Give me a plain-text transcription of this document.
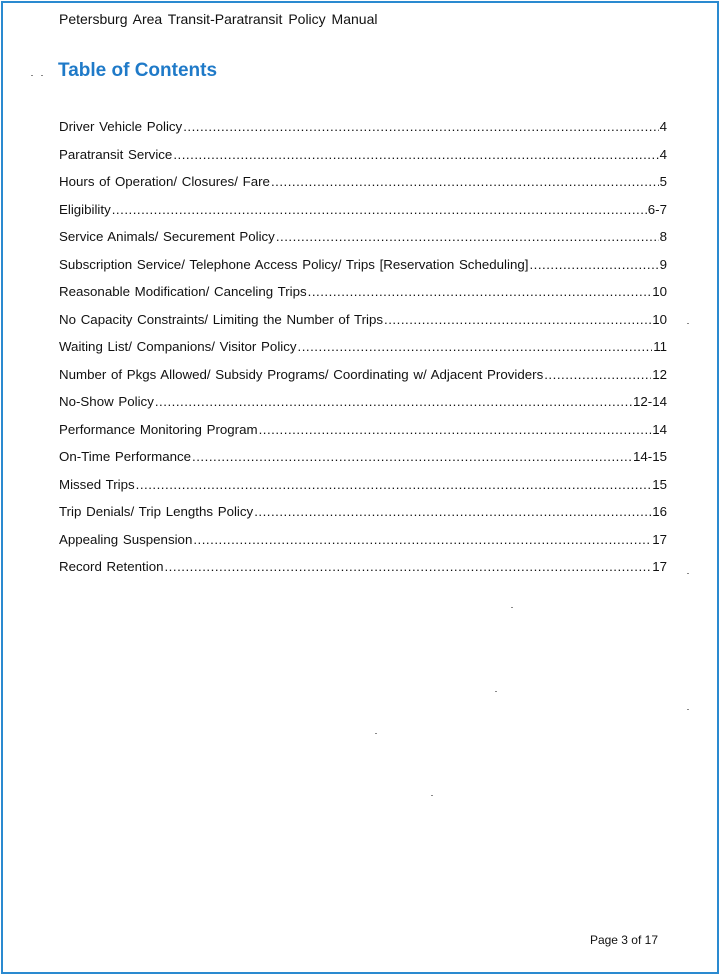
Petersburg Area Transit-Paratransit Policy Manual
Table of Contents
Driver Vehicle Policy .....	4
Paratransit Service .....	4
Hours of Operation/ Closures/ Fare .....	5
Eligibility .....	6-7
Service Animals/ Securement Policy .....	8
Subscription Service/ Telephone Access Policy/ Trips [Reservation Scheduling] .....	9
Reasonable Modification/ Canceling Trips .....	10
No Capacity Constraints/ Limiting the Number of Trips .....	10
Waiting List/ Companions/ Visitor Policy .....	11
Number of Pkgs Allowed/ Subsidy Programs/ Coordinating w/ Adjacent Providers .....	12
No-Show Policy .....	12-14
Performance Monitoring Program .....	14
On-Time Performance .....	14-15
Missed Trips .....	15
Trip Denials/ Trip Lengths Policy .....	16
Appealing Suspension .....	17
Record Retention .....	17
Page 3 of 17
